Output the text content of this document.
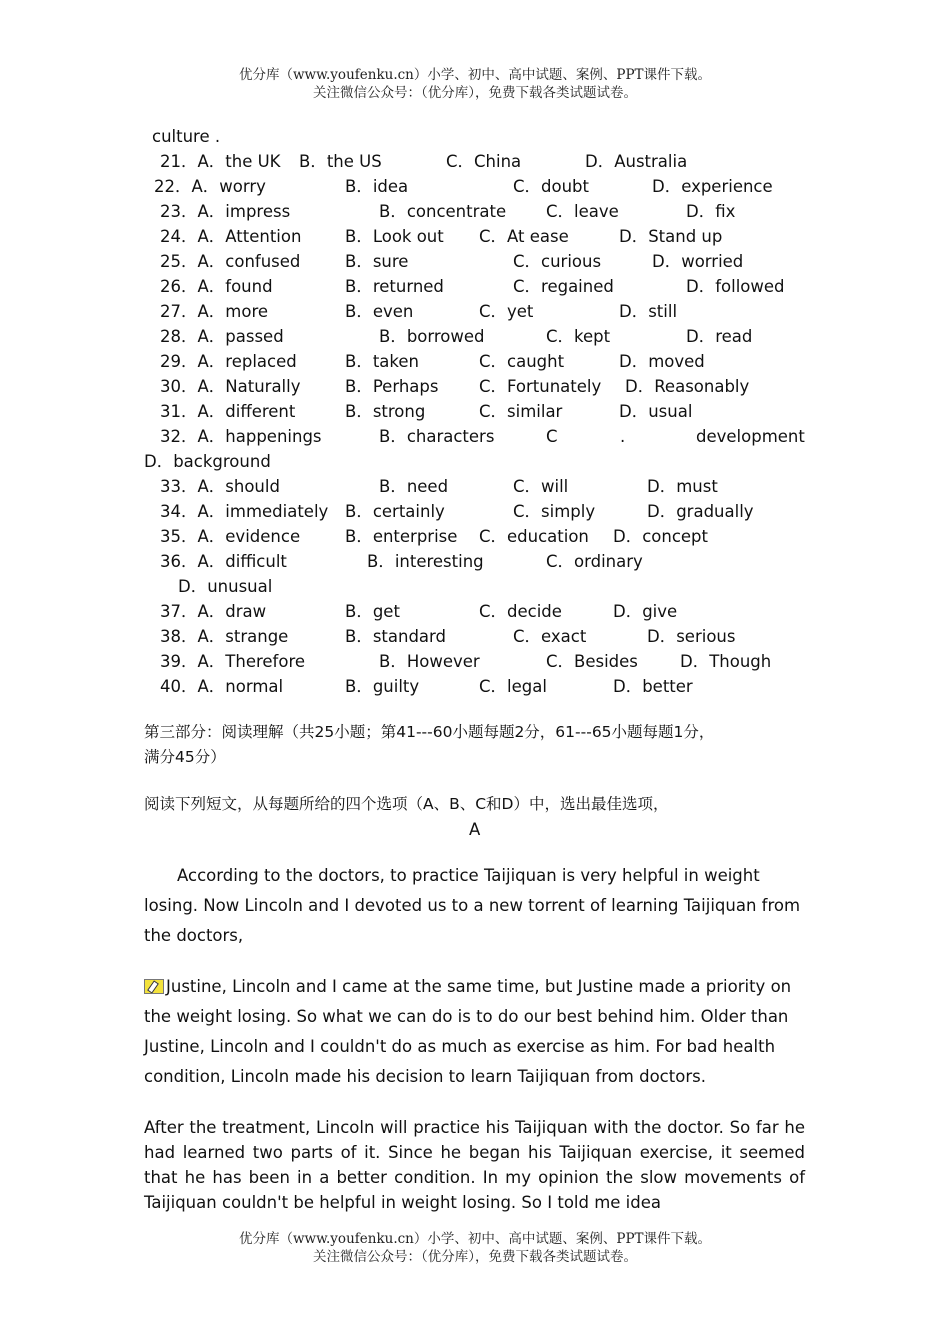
优分库（www.youfenku.cn）小学、初中、高中试题、案例、PPT课件下载。
关注微信公众号：（优分库），免费下载各类试题试卷。
culture .
21．A．the UK B．the US	C．China	D．Australia
22．A．worry	B．idea	C．doubt	D．experience
23．A．impress	B．concentrate C．leave	D．fix
24．A．Attention	B．Look out C．At ease	D．Stand up
25．A．confused	B．sure	C．curious	D．worried
26．A．found	B．returned	C．regained	D．followed
27．A．more	B．even	C．yet	D．still
28．A．passed	B．borrowed	C．kept	D．read
29．A．replaced	B．taken	C．caught	D．moved
30．A．Naturally	B．Perhaps C．Fortunately D．Reasonably
31．A．different	B．strong	C．similar	D．usual
32．A．happenings	B．characters	C	.	development
D．background
33．A．should	B．need	C．will	D．must
34．A．immediately B．certainly	C．simply	D．gradually
35．A．evidence	B．enterprise C．education D．concept
36．A．difficult	B．interesting	C．ordinary
D．unusual
37．A．draw	B．get	C．decide	D．give
38．A．strange	B．standard	C．exact	D．serious
39．A．Therefore	B．However	C．Besides	D．Though
40．A．normal	B．guilty	C．legal	D．better
第三部分：阅读理解（共25小题；第41---60小题每题2分，61---65小题每题1分，
满分45分）
阅读下列短文，从每题所给的四个选项（A、B、C和D）中，选出最佳选项，
A
According to the doctors, to practice Taijiquan is very helpful in weight losing. Now Lincoln and I devoted us to a new torrent of learning Taijiquan from the doctors,
Justine, Lincoln and I came at the same time, but Justine made a priority on the weight losing. So what we can do is to do our best behind him. Older than Justine, Lincoln and I couldn't do as much as exercise as him. For bad health condition, Lincoln made his decision to learn Taijiquan from doctors.
After the treatment, Lincoln will practice his Taijiquan with the doctor. So far he had learned two parts of it. Since he began his Taijiquan exercise, it seemed that he has been in a better condition. In my opinion the slow movements of Taijiquan couldn't be helpful in weight losing. So I told me idea
优分库（www.youfenku.cn）小学、初中、高中试题、案例、PPT课件下载。
关注微信公众号：（优分库），免费下载各类试题试卷。
